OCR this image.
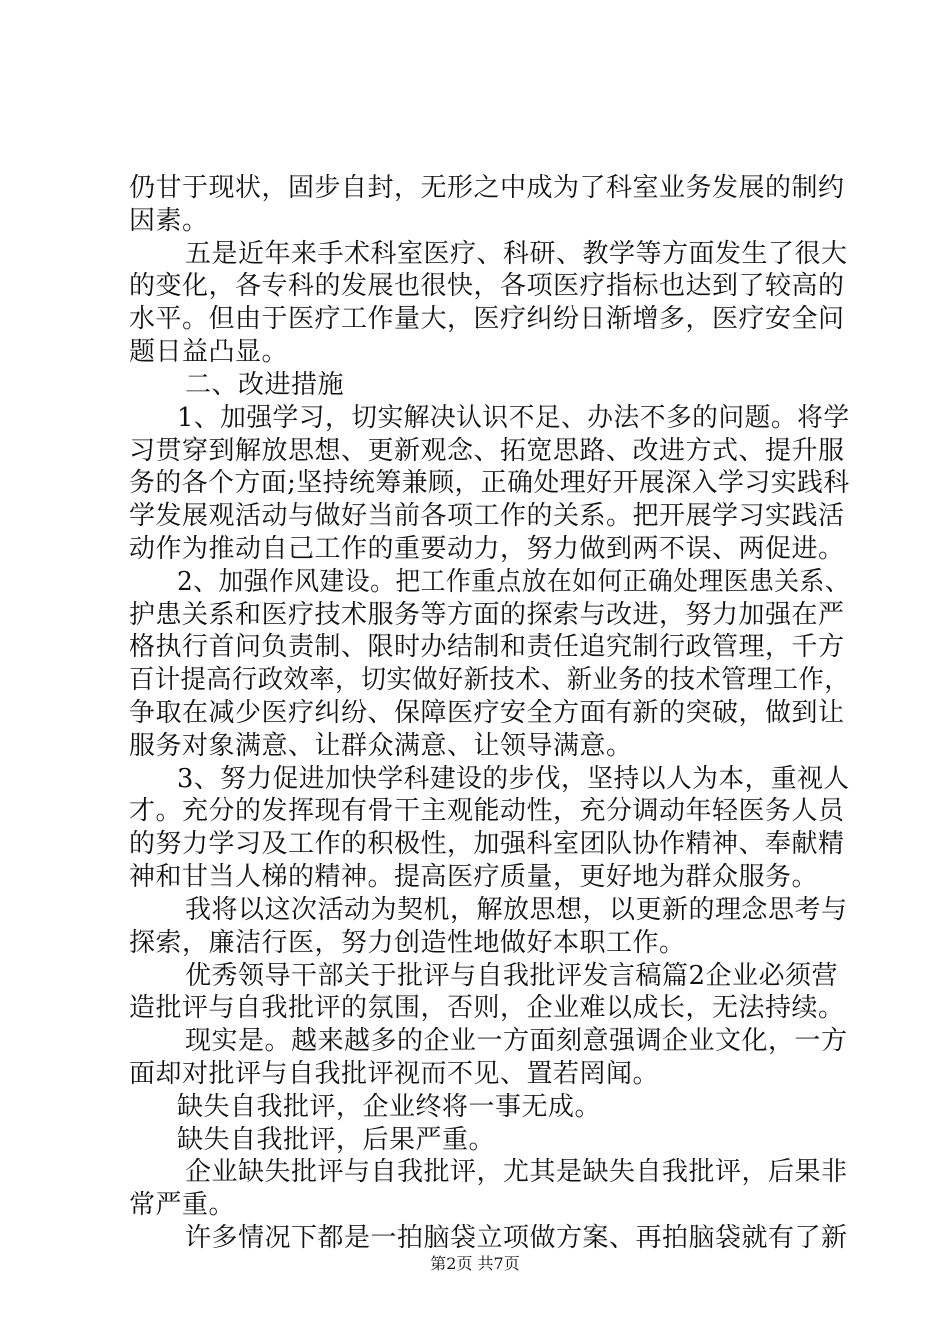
仍甘于现状，固步自封，无形之中成为了科室业务发展的制约
因素。
五是近年来手术科室医疗、科研、教学等方面发生了很大
的变化，各专科的发展也很快，各项医疗指标也达到了较高的
水平。但由于医疗工作量大，医疗纠纷日渐增多，医疗安全问
题日益凸显。
二、改进措施
1、加强学习，切实解决认识不足、办法不多的问题。将学
习贯穿到解放思想、更新观念、拓宽思路、改进方式、提升服
务的各个方面;坚持统筹兼顾，正确处理好开展深入学习实践科
学发展观活动与做好当前各项工作的关系。把开展学习实践活
动作为推动自己工作的重要动力，努力做到两不误、两促进。
2、加强作风建设。把工作重点放在如何正确处理医患关系、
护患关系和医疗技术服务等方面的探索与改进，努力加强在严
格执行首问负责制、限时办结制和责任追究制行政管理，千方
百计提高行政效率，切实做好新技术、新业务的技术管理工作，
争取在减少医疗纠纷、保障医疗安全方面有新的突破，做到让
服务对象满意、让群众满意、让领导满意。
3、努力促进加快学科建设的步伐，坚持以人为本，重视人
才。充分的发挥现有骨干主观能动性，充分调动年轻医务人员
的努力学习及工作的积极性，加强科室团队协作精神、奉献精
神和甘当人梯的精神。提高医疗质量，更好地为群众服务。
我将以这次活动为契机，解放思想，以更新的理念思考与
探索，廉洁行医，努力创造性地做好本职工作。
优秀领导干部关于批评与自我批评发言稿篇2企业必须营
造批评与自我批评的氛围，否则，企业难以成长，无法持续。
现实是。越来越多的企业一方面刻意强调企业文化，一方
面却对批评与自我批评视而不见、置若罔闻。
缺失自我批评，企业终将一事无成。
缺失自我批评，后果严重。
企业缺失批评与自我批评，尤其是缺失自我批评，后果非
常严重。
许多情况下都是一拍脑袋立项做方案、再拍脑袋就有了新
第2页 共7页
